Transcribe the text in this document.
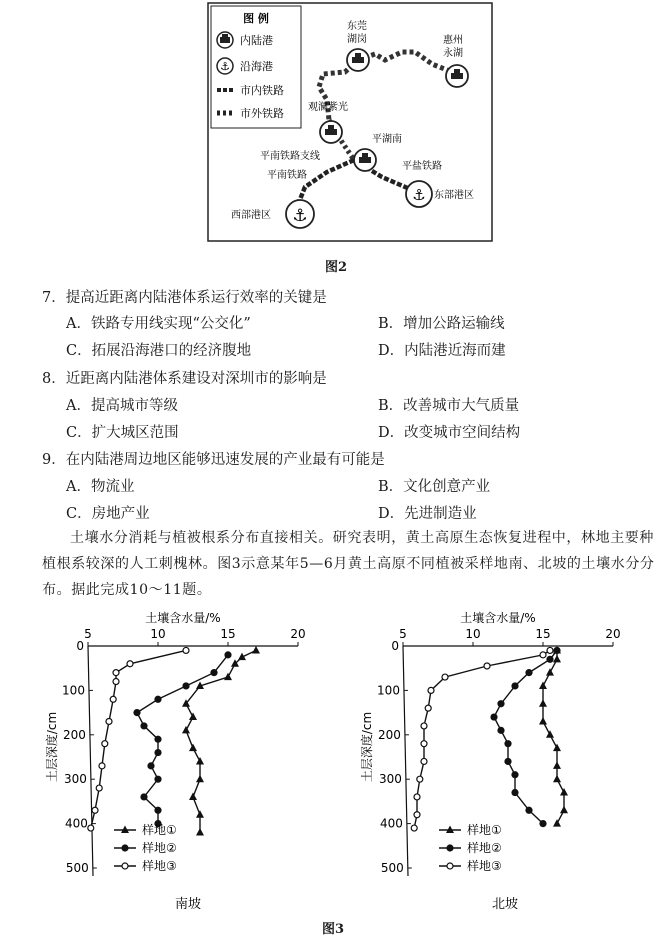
图 例
内陆港
⚓ 沿海港
市内铁路
市外铁路
⚓
⚓
东莞
湖岗	惠州
永湖
观澜紫光
平湖南
平南铁路支线
平南铁路
平盐铁路
东部港区
西部港区
图2
7．提高近距离内陆港体系运行效率的关键是
A．铁路专用线实现“公交化”	B．增加公路运输线
C．拓展沿海港口的经济腹地	D．内陆港近海而建
8．近距离内陆港体系建设对深圳市的影响是
A．提高城市等级	B．改善城市大气质量
C．扩大城区范围	D．改变城市空间结构
9．在内陆港周边地区能够迅速发展的产业最有可能是
A．物流业	B．文化创意产业
C．房地产业	D．先进制造业
土壤水分消耗与植被根系分布直接相关。研究表明，黄土高原生态恢复进程中，林地主要种植根系较深的人工刺槐林。图3示意某年5—6月黄土高原不同植被采样地南、北坡的土壤水分分布。据此完成10～11题。
5	10	15	20
0
100
200
300
400
500
土壤含水量/%
土层深度/cm
样地①
样地②
样地③
南坡
5	10	15	20
0
100
200
300
400
500
土壤含水量/%
土层深度/cm
样地①
样地②
样地③
北坡
图3
